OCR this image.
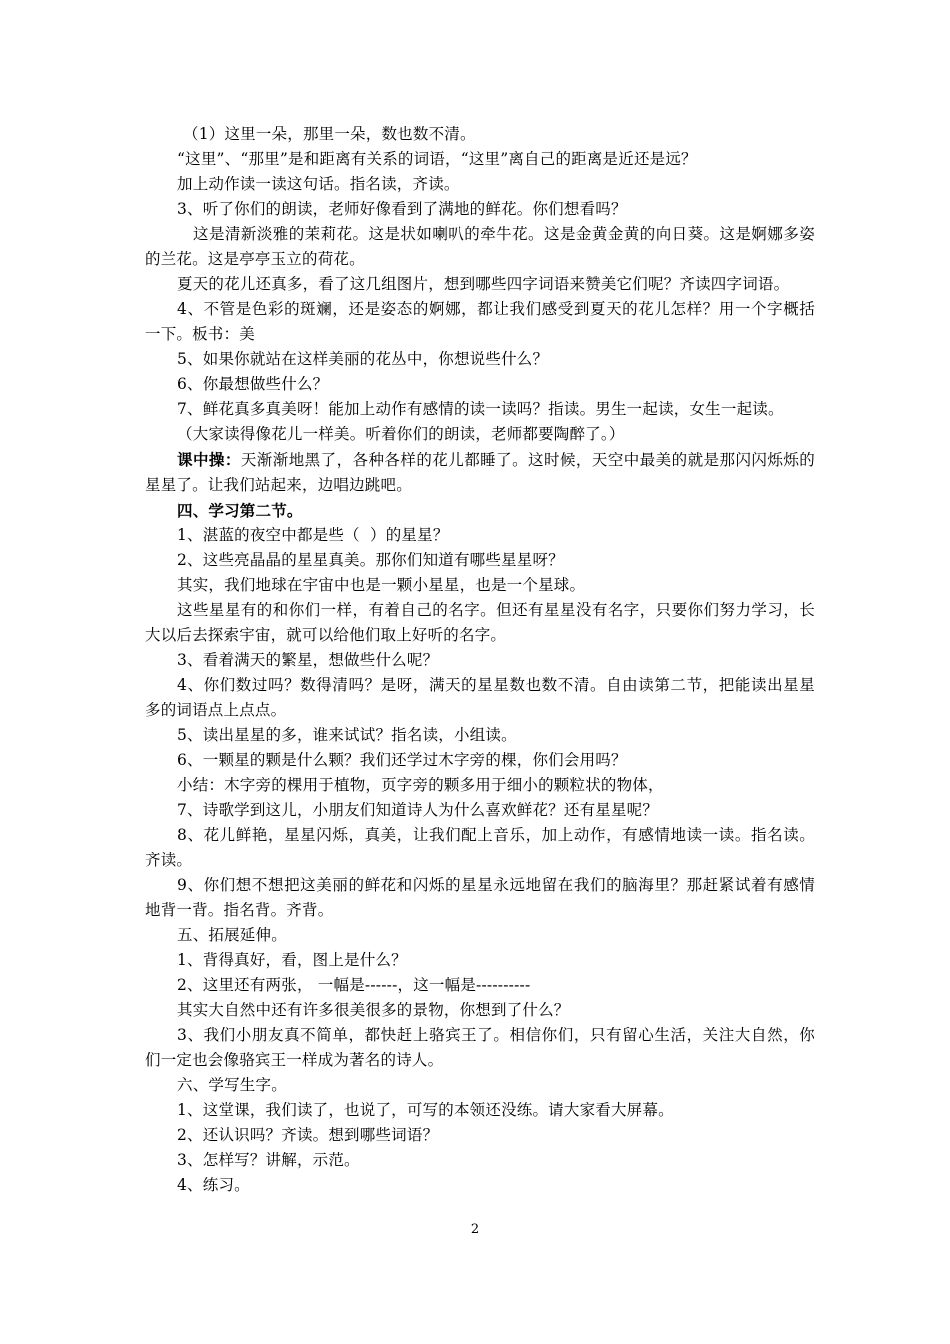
（1）这里一朵，那里一朵，数也数不清。

“这里”、“那里”是和距离有关系的词语，“这里”离自己的距离是近还是远？

加上动作读一读这句话。指名读，齐读。

3、听了你们的朗读，老师好像看到了满地的鲜花。你们想看吗？

这是清新淡雅的茉莉花。这是状如喇叭的牵牛花。这是金黄金黄的向日葵。这是婀娜多姿的兰花。这是亭亭玉立的荷花。

夏天的花儿还真多，看了这几组图片，想到哪些四字词语来赞美它们呢？齐读四字词语。

4、不管是色彩的斑斓，还是姿态的婀娜，都让我们感受到夏天的花儿怎样？用一个字概括一下。板书：美

5、如果你就站在这样美丽的花丛中，你想说些什么？

6、你最想做些什么？

7、鲜花真多真美呀！能加上动作有感情的读一读吗？指读。男生一起读，女生一起读。

（大家读得像花儿一样美。听着你们的朗读，老师都要陶醉了。）

课中操：天渐渐地黑了，各种各样的花儿都睡了。这时候，天空中最美的就是那闪闪烁烁的星星了。让我们站起来，边唱边跳吧。

四、学习第二节。

1、湛蓝的夜空中都是些（  ）的星星？

2、这些亮晶晶的星星真美。那你们知道有哪些星星呀？

其实，我们地球在宇宙中也是一颗小星星，也是一个星球。

这些星星有的和你们一样，有着自己的名字。但还有星星没有名字，只要你们努力学习，长大以后去探索宇宙，就可以给他们取上好听的名字。

3、看着满天的繁星，想做些什么呢？

4、你们数过吗？数得清吗？是呀，满天的星星数也数不清。自由读第二节，把能读出星星多的词语点上点点。

5、读出星星的多，谁来试试？指名读，小组读。

6、一颗星的颗是什么颗？我们还学过木字旁的棵，你们会用吗？

小结：木字旁的棵用于植物，页字旁的颗多用于细小的颗粒状的物体，

7、诗歌学到这儿，小朋友们知道诗人为什么喜欢鲜花？还有星星呢？

8、花儿鲜艳，星星闪烁，真美，让我们配上音乐，加上动作，有感情地读一读。指名读。齐读。

9、你们想不想把这美丽的鲜花和闪烁的星星永远地留在我们的脑海里？那赶紧试着有感情地背一背。指名背。齐背。

五、拓展延伸。

1、背得真好，看，图上是什么？

2、这里还有两张， 一幅是------，这一幅是----------

其实大自然中还有许多很美很多的景物，你想到了什么？

3、我们小朋友真不简单，都快赶上骆宾王了。相信你们，只有留心生活，关注大自然，你们一定也会像骆宾王一样成为著名的诗人。

六、学写生字。

1、这堂课，我们读了，也说了，可写的本领还没练。请大家看大屏幕。

2、还认识吗？齐读。想到哪些词语？

3、怎样写？讲解，示范。

4、练习。

2
